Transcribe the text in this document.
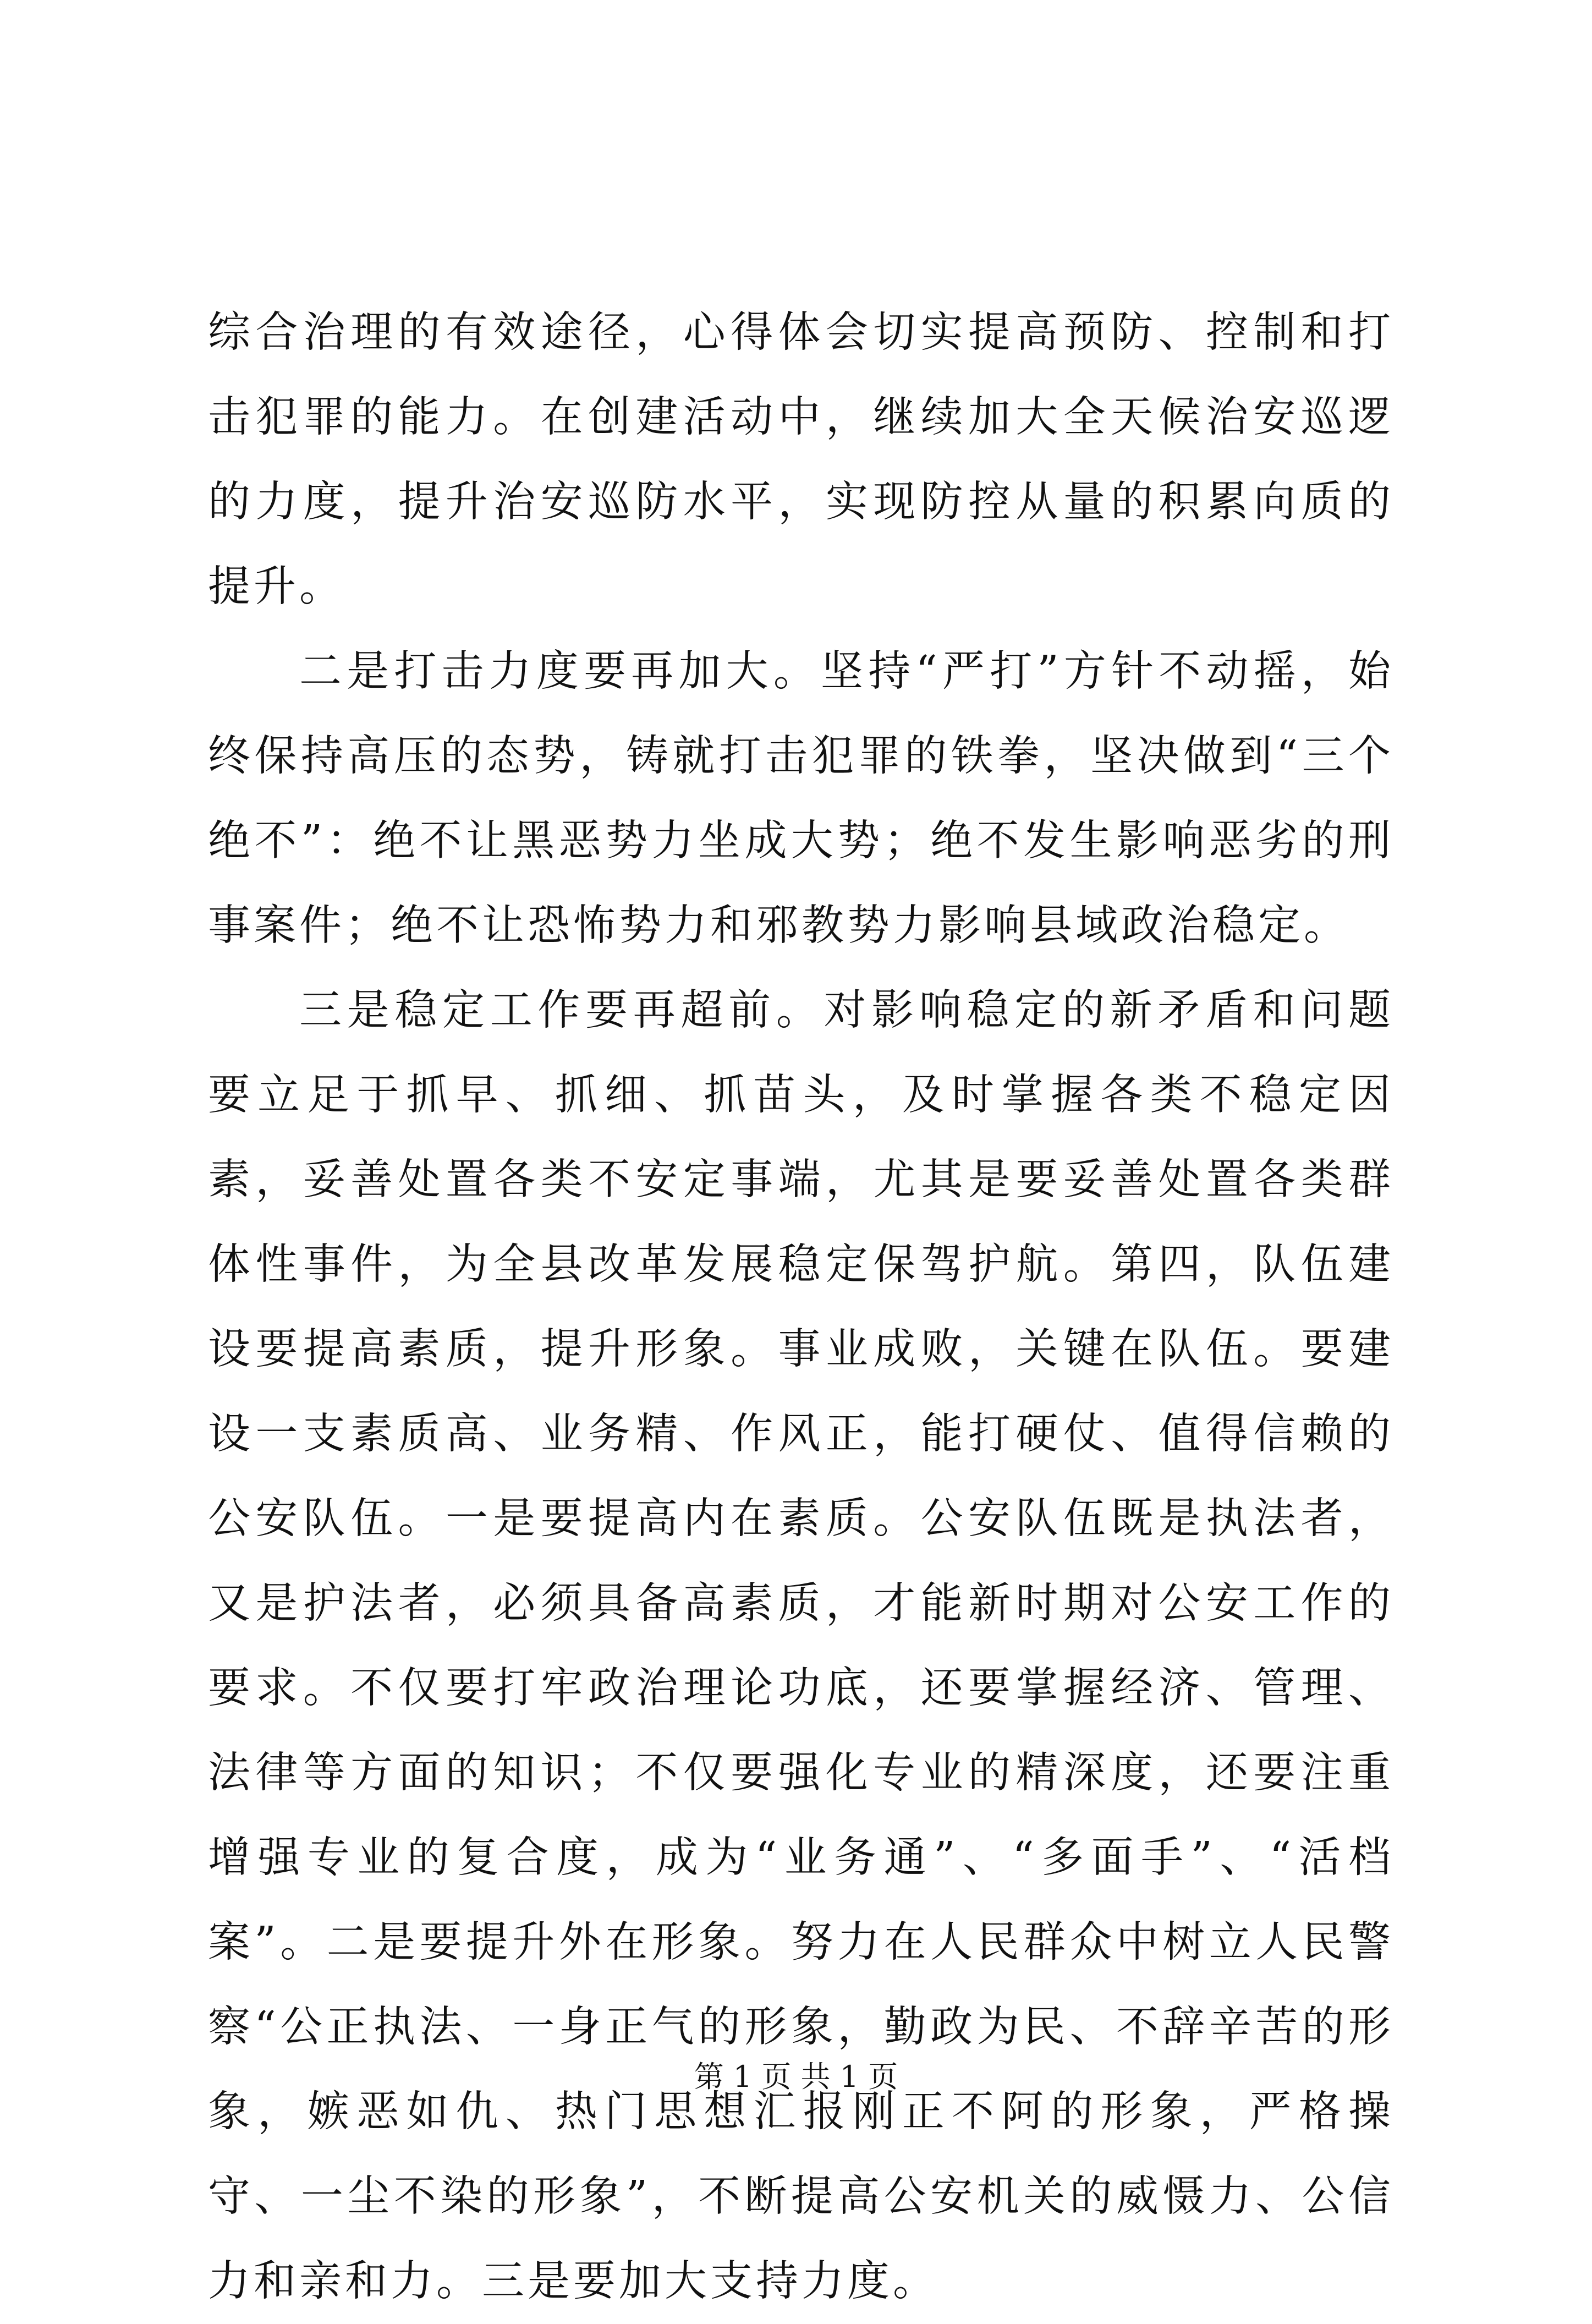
综合治理的有效途径，心得体会切实提高预防、控制和打击犯罪的能力。在创建活动中，继续加大全天候治安巡逻的力度，提升治安巡防水平，实现防控从量的积累向质的提升。

二是打击力度要再加大。坚持“严打”方针不动摇，始终保持高压的态势，铸就打击犯罪的铁拳，坚决做到“三个绝不”：绝不让黑恶势力坐成大势；绝不发生影响恶劣的刑事案件；绝不让恐怖势力和邪教势力影响县域政治稳定。

三是稳定工作要再超前。对影响稳定的新矛盾和问题要立足于抓早、抓细、抓苗头，及时掌握各类不稳定因素，妥善处置各类不安定事端，尤其是要妥善处置各类群体性事件，为全县改革发展稳定保驾护航。第四，队伍建设要提高素质，提升形象。事业成败，关键在队伍。要建设一支素质高、业务精、作风正，能打硬仗、值得信赖的公安队伍。一是要提高内在素质。公安队伍既是执法者，又是护法者，必须具备高素质，才能新时期对公安工作的要求。不仅要打牢政治理论功底，还要掌握经济、管理、法律等方面的知识；不仅要强化专业的精深度，还要注重增强专业的复合度，成为“业务通”、“多面手”、“活档案”。二是要提升外在形象。努力在人民群众中树立人民警察“公正执法、一身正气的形象，勤政为民、不辞辛苦的形象，嫉恶如仇、热门思想汇报刚正不阿的形象，严格操守、一尘不染的形象”，不断提高公安机关的威慑力、公信力和亲和力。三是要加大支持力度。

第 1 页 共 1 页
